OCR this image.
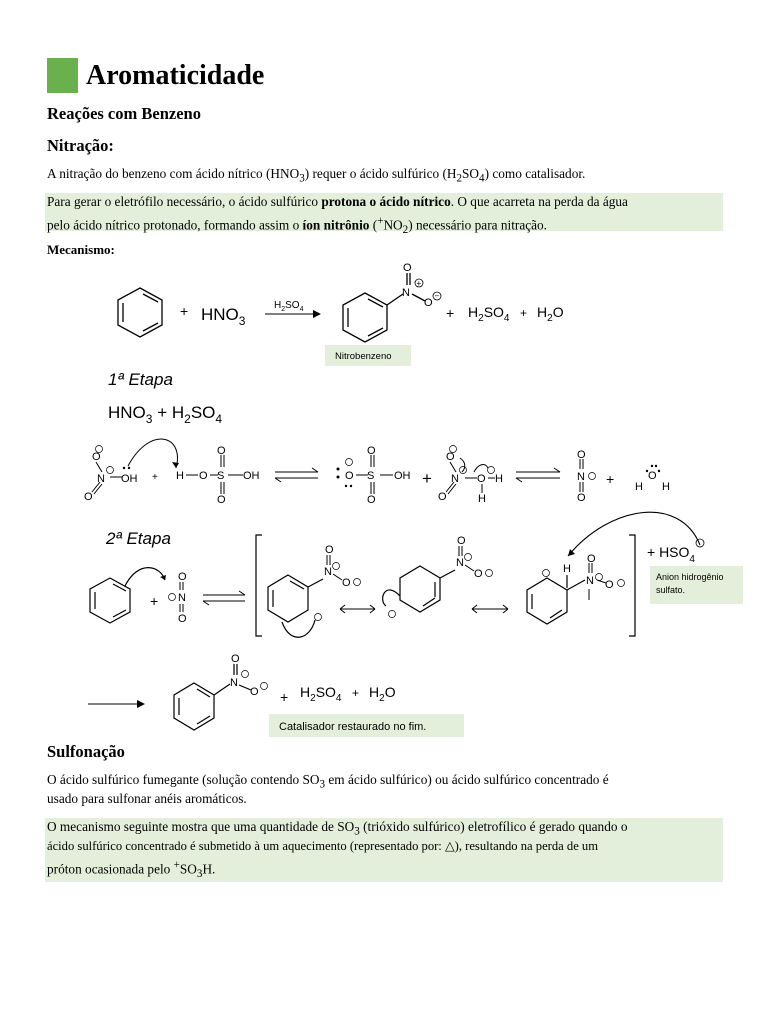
Aromaticidade
Reações com Benzeno
Nitração:
A nitração do benzeno com ácido nítrico $(HNO_3)$ requer o ácido sulfúrico $(H_2SO_4)$ como catalisador.
Para gerar o eletrófilo necessário, o ácido sulfúrico protona o ácido nítrico. O que acarreta na perda da água
pelo ácido nítrico protonado, formando assim o íon nitrônio $(^+NO_2)$ necessário para nitração.
Mecanismo:
+ $HNO_3$
$H_2SO_4$
O
N
O
+
−
+ $H_2SO_4 + H_2O$
Nitrobenzeno
1ª Etapa
$HNO_3 + H_2SO_4$
O
N
O
OH + H O S OH
O
O
O S OH
O
O
+
O
N
O
O H
H
O
N
O
+ H
O
H
2ª Etapa
+
O
N
O
N
O
O
N
O
O	H
N
O
O
+ $HSO_4$
Anion hidrogênio
sulfato.
O
N
$O + H_2SO_4 + H_2O$
Catalisador restaurado no fim.
Sulfonação
O ácido sulfúrico fumegante (solução contendo $SO_3$ em ácido sulfúrico) ou ácido sulfúrico concentrado é
usado para sulfonar anéis aromáticos.
O mecanismo seguinte mostra que uma quantidade de $SO_3$ (trióxido sulfúrico) eletrofílico é gerado quando o
ácido sulfúrico concentrado é submetido à um aquecimento (representado por: △), resultando na perda de um
próton ocasionada pelo $^+SO_3H$.
